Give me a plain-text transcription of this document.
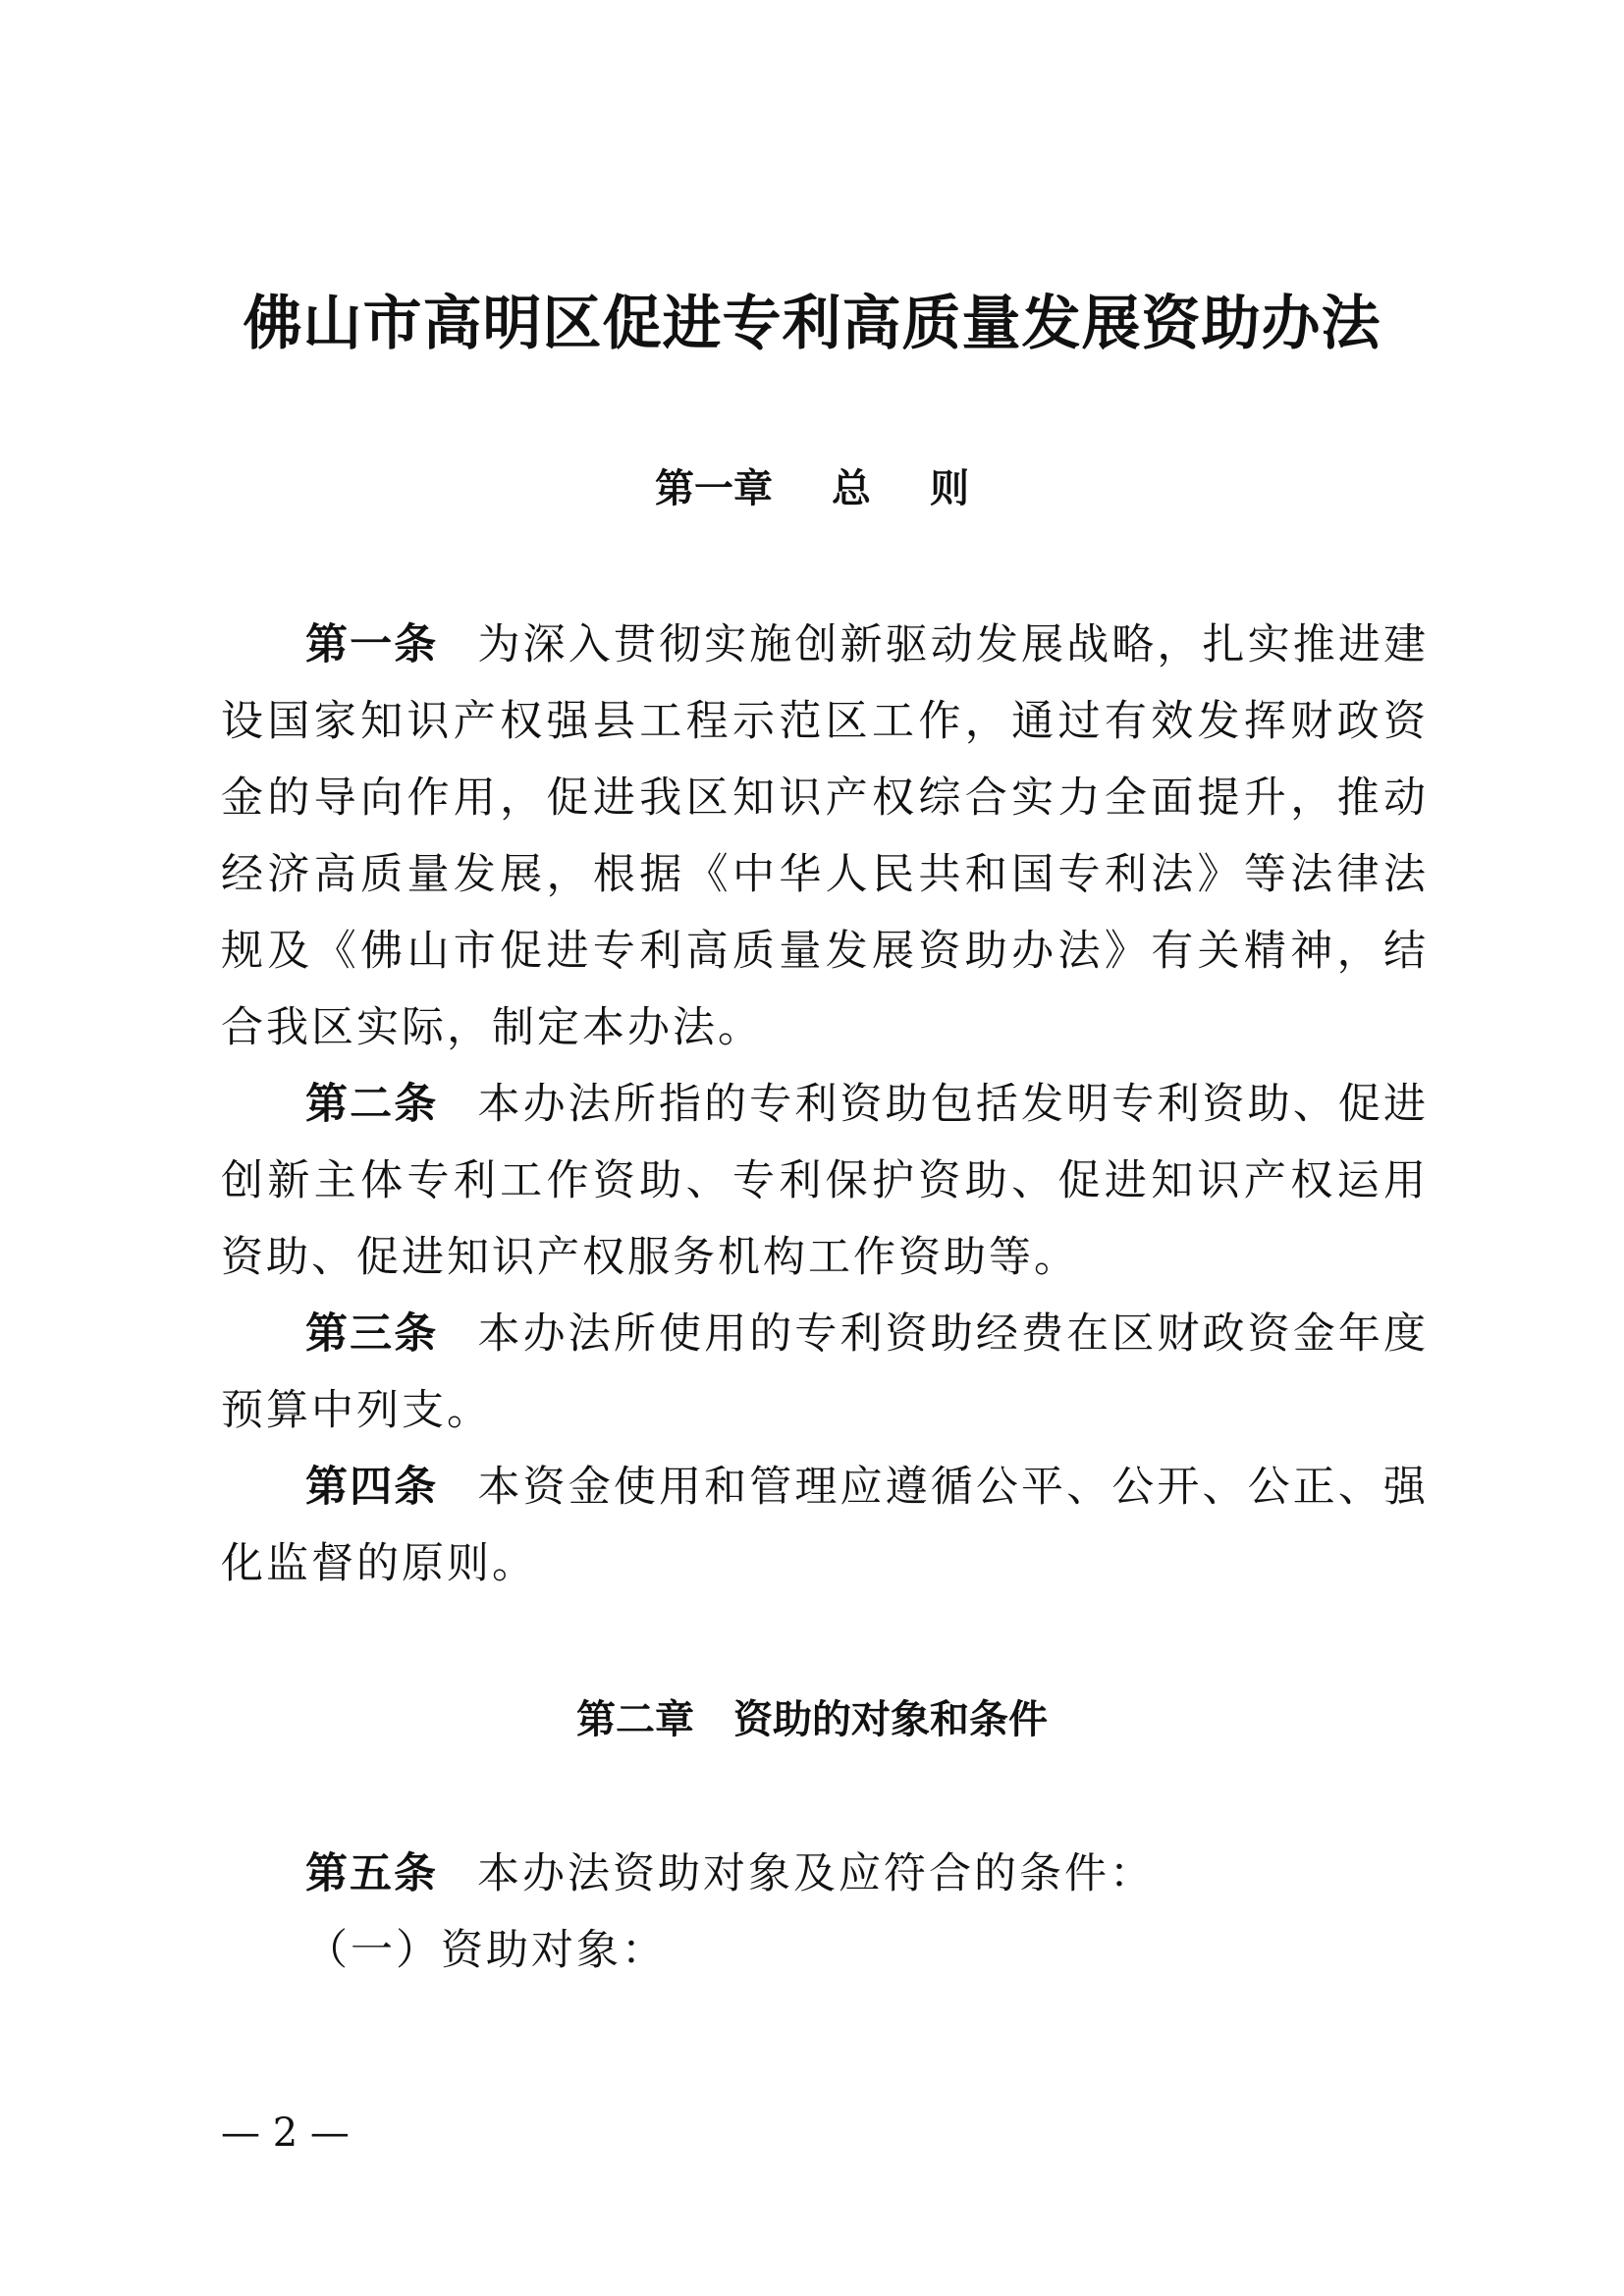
佛山市高明区促进专利高质量发展资助办法
第一章 总 则

第一条 为深入贯彻实施创新驱动发展战略，扎实推进建设国家知识产权强县工程示范区工作，通过有效发挥财政资金的导向作用，促进我区知识产权综合实力全面提升，推动经济高质量发展，根据《中华人民共和国专利法》等法律法规及《佛山市促进专利高质量发展资助办法》有关精神，结合我区实际，制定本办法。

第二条 本办法所指的专利资助包括发明专利资助、促进创新主体专利工作资助、专利保护资助、促进知识产权运用资助、促进知识产权服务机构工作资助等。

第三条 本办法所使用的专利资助经费在区财政资金年度预算中列支。

第四条 本资金使用和管理应遵循公平、公开、公正、强化监督的原则。

第二章 资助的对象和条件

第五条 本办法资助对象及应符合的条件：

（一）资助对象：

— 2 —
